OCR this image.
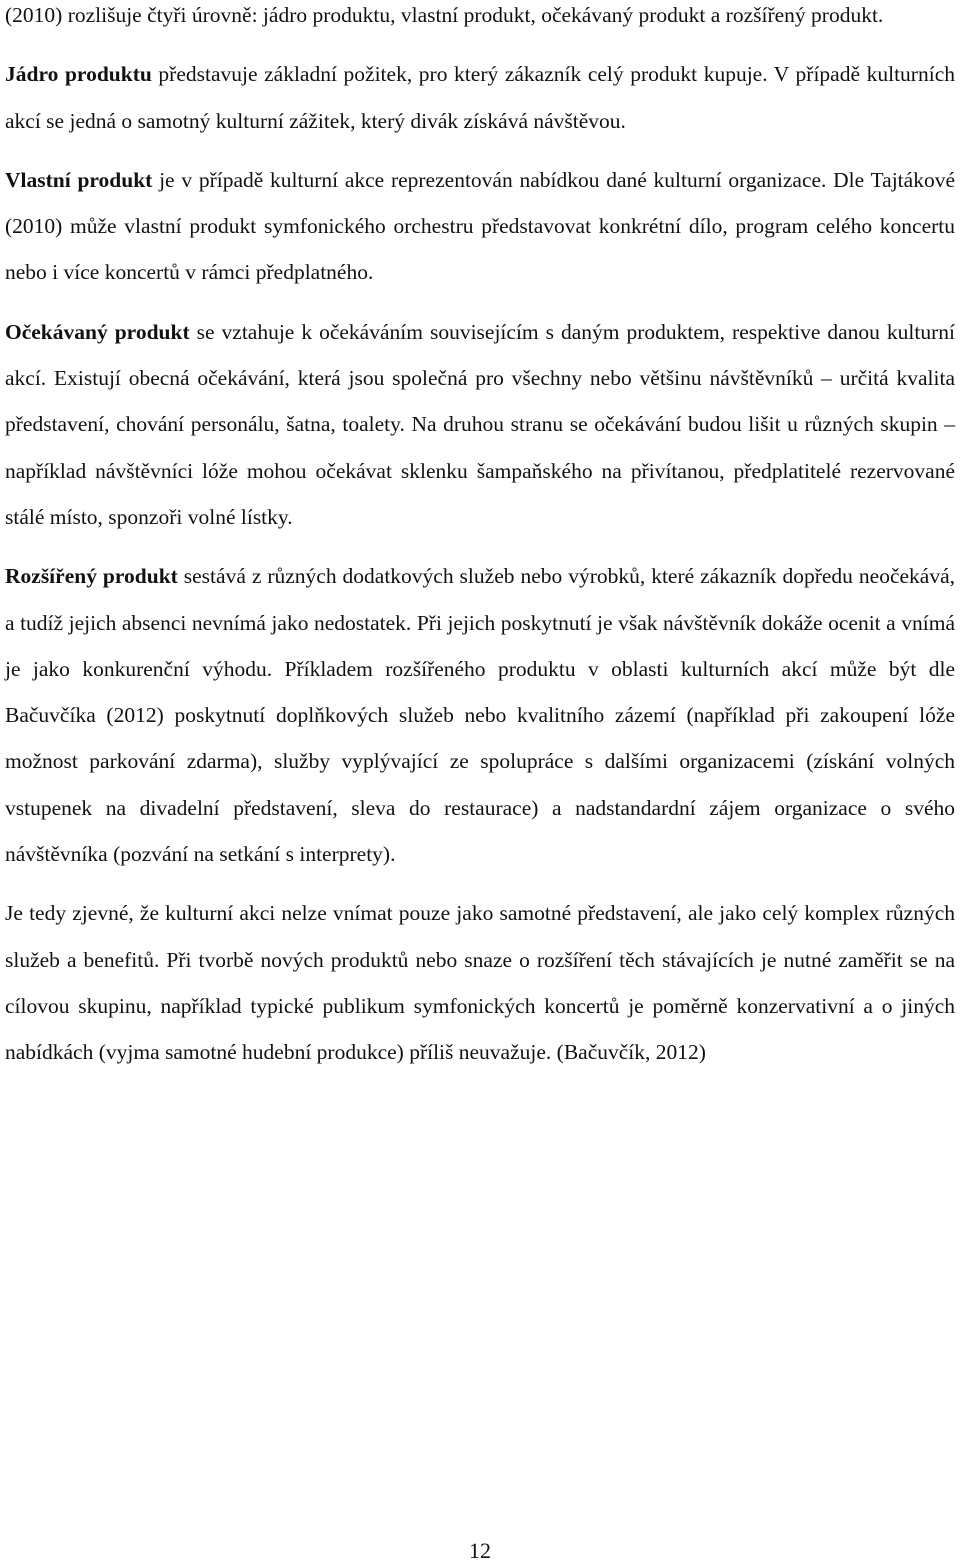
(2010) rozlišuje čtyři úrovně: jádro produktu, vlastní produkt, očekávaný produkt a rozšířený produkt.

Jádro produktu představuje základní požitek, pro který zákazník celý produkt kupuje. V případě kulturních akcí se jedná o samotný kulturní zážitek, který divák získává návštěvou.

Vlastní produkt je v případě kulturní akce reprezentován nabídkou dané kulturní organizace. Dle Tajtákové (2010) může vlastní produkt symfonického orchestru představovat konkrétní dílo, program celého koncertu nebo i více koncertů v rámci předplatného.

Očekávaný produkt se vztahuje k očekáváním souvisejícím s daným produktem, respektive danou kulturní akcí. Existují obecná očekávání, která jsou společná pro všechny nebo většinu návštěvníků – určitá kvalita představení, chování personálu, šatna, toalety. Na druhou stranu se očekávání budou lišit u různých skupin – například návštěvníci lóže mohou očekávat sklenku šampaňského na přivítanou, předplatitelé rezervované stálé místo, sponzoři volné lístky.

Rozšířený produkt sestává z různých dodatkových služeb nebo výrobků, které zákazník dopředu neočekává, a tudíž jejich absenci nevnímá jako nedostatek. Při jejich poskytnutí je však návštěvník dokáže ocenit a vnímá je jako konkurenční výhodu. Příkladem rozšířeného produktu v oblasti kulturních akcí může být dle Bačuvčíka (2012) poskytnutí doplňkových služeb nebo kvalitního zázemí (například při zakoupení lóže možnost parkování zdarma), služby vyplývající ze spolupráce s dalšími organizacemi (získání volných vstupenek na divadelní představení, sleva do restaurace) a nadstandardní zájem organizace o svého návštěvníka (pozvání na setkání s interprety).

Je tedy zjevné, že kulturní akci nelze vnímat pouze jako samotné představení, ale jako celý komplex různých služeb a benefitů. Při tvorbě nových produktů nebo snaze o rozšíření těch stávajících je nutné zaměřit se na cílovou skupinu, například typické publikum symfonických koncertů je poměrně konzervativní a o jiných nabídkách (vyjma samotné hudební produkce) příliš neuvažuje. (Bačuvčík, 2012)

12
